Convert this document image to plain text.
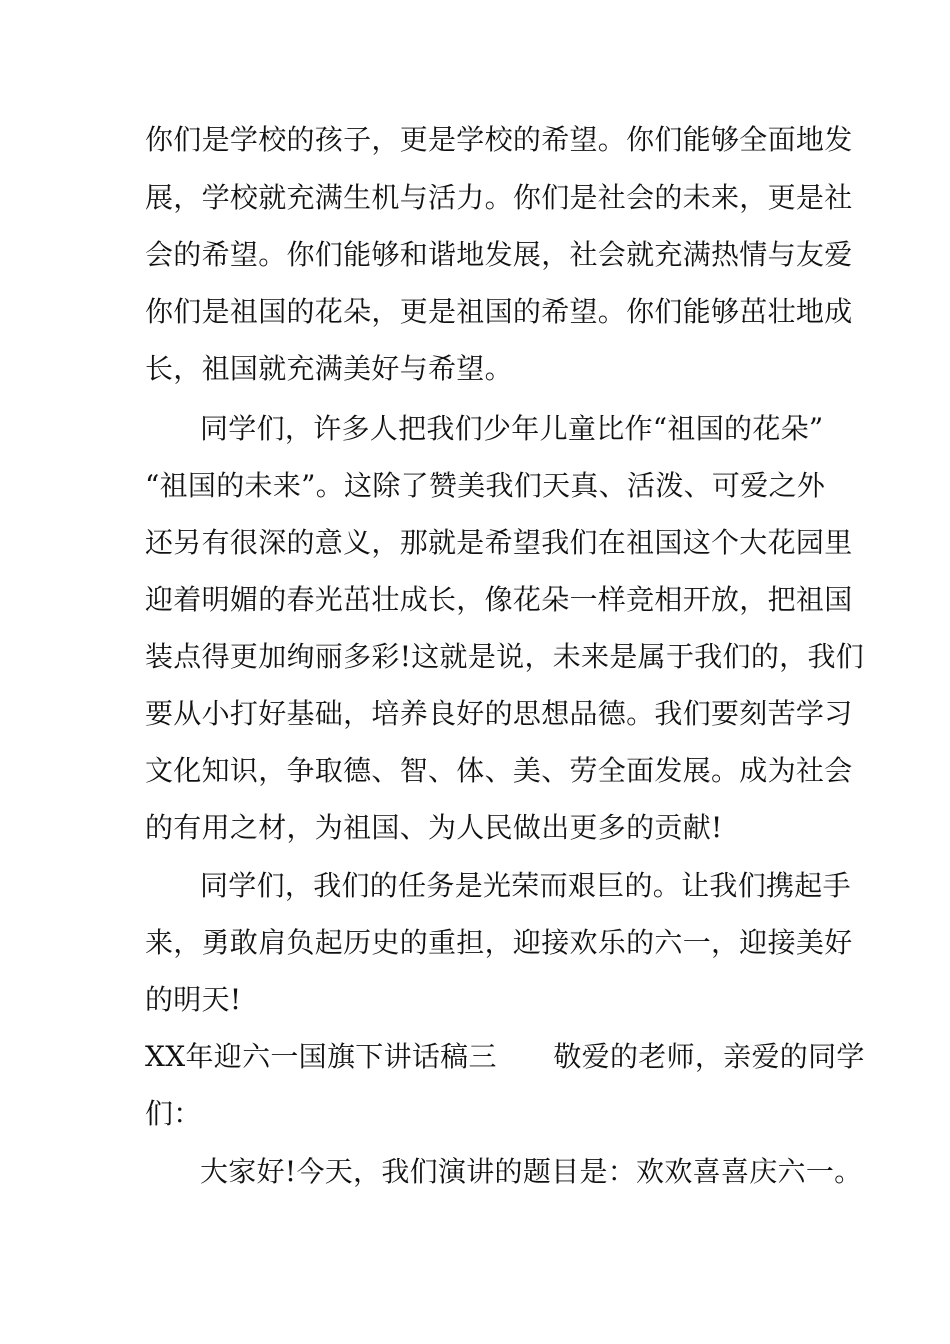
你们是学校的孩子，更是学校的希望。你们能够全面地发
展，学校就充满生机与活力。你们是社会的未来，更是社
会的希望。你们能够和谐地发展，社会就充满热情与友爱
你们是祖国的花朵，更是祖国的希望。你们能够茁壮地成
长，祖国就充满美好与希望。
同学们，许多人把我们少年儿童比作“祖国的花朵”
“祖国的未来”。这除了赞美我们天真、活泼、可爱之外
还另有很深的意义，那就是希望我们在祖国这个大花园里
迎着明媚的春光茁壮成长，像花朵一样竞相开放，把祖国
装点得更加绚丽多彩!这就是说，未来是属于我们的，我们
要从小打好基础，培养良好的思想品德。我们要刻苦学习
文化知识，争取德、智、体、美、劳全面发展。成为社会
的有用之材，为祖国、为人民做出更多的贡献!
同学们，我们的任务是光荣而艰巨的。让我们携起手
来，勇敢肩负起历史的重担，迎接欢乐的六一，迎接美好
的明天!
XX年迎六一国旗下讲话稿三　　敬爱的老师，亲爱的同学
们：
大家好!今天，我们演讲的题目是：欢欢喜喜庆六一。
